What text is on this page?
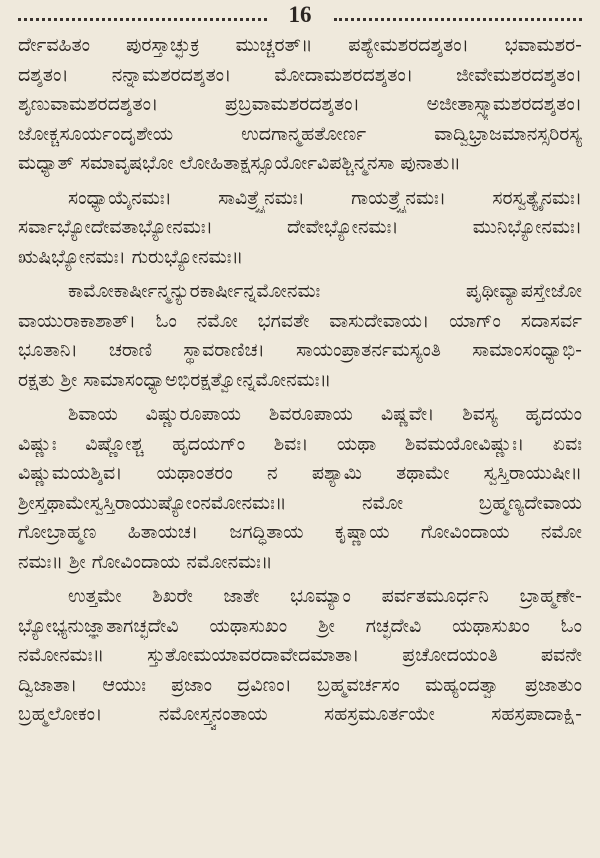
16
ರ್ದೇವಹಿತಂ ಪುರಸ್ತಾಚ್ಛುಕ್ರ ಮುಚ್ಚರತ್॥ ಪಶ್ಯೇಮಶರದಶ್ಶತಂ। ಭವಾಮಶರ-
ದಶ್ಶತಂ। ನನ್ನಾಮಶರದಶ್ಶತಂ। ಮೋದಾಮಶರದಶ್ಶತಂ। ಜೀವೇಮಶರದಶ್ಶತಂ।
ಶೃಣುವಾಮಶರದಶ್ಶತಂ। ಪ್ರಬ್ರವಾಮಶರದಶ್ಶತಂ। ಅಜೀತಾಸ್ಸ್ಯಾಮಶರದಶ್ಶತಂ।
ಜೋಕ್ಚಸೂರ್ಯಂದೃಶೇಯ ಉದಗಾನ್ಮಹತೋರ್ಣ ವಾದ್ವಿಭ್ರಾಜಮಾನಸ್ಸರಿರಸ್ಯ
ಮಧ್ಯಾತ್ ಸಮಾವೃಷಭೋ ಲೋಹಿತಾಕ್ಷಸ್ಸೂರ್ಯೋವಿಪಶ್ಚಿನ್ಮನಸಾ ಪುನಾತು॥
ಸಂಧ್ಯಾಯೈನಮಃ। ಸಾವಿತ್ರ್ಯೈನಮಃ। ಗಾಯತ್ರ್ಯೈನಮಃ। ಸರಸ್ವತ್ಯೈನಮಃ।
ಸರ್ವಾಭ್ಯೋದೇವತಾಭ್ಯೋನಮಃ। ದೇವೇಭ್ಯೋನಮಃ। ಮುನಿಭ್ಯೋನಮಃ।
ಋಷಿಭ್ಯೋನಮಃ। ಗುರುಭ್ಯೋನಮಃ॥
ಕಾಮೋಕಾರ್ಷೀನ್ಮನ್ಯುರಕಾರ್ಷೀನ್ನಮೋನಮಃ ಪೃಥೀವ್ಯಾಪಸ್ತೇಜೋ
ವಾಯುರಾಕಾಶಾತ್। ಓಂ ನಮೋ ಭಗವತೇ ವಾಸುದೇವಾಯ। ಯಾಗ್ಂ ಸದಾಸರ್ವ
ಭೂತಾನಿ। ಚರಾಣಿ ಸ್ಥಾವರಾಣಿಚ। ಸಾಯಂಪ್ರಾತರ್ನಮಸ್ಯಂತಿ ಸಾಮಾಂಸಂಧ್ಯಾಭಿ-
ರಕ್ಷತು ಶ್ರೀ ಸಾಮಾಸಂಧ್ಯಾಅಭಿರಕ್ಷತ್ವೋನ್ನಮೋನಮಃ॥
ಶಿವಾಯ ವಿಷ್ಣುರೂಪಾಯ ಶಿವರೂಪಾಯ ವಿಷ್ಣವೇ। ಶಿವಸ್ಯ ಹೃದಯಂ
ವಿಷ್ಣುಃ ವಿಷ್ಣೋಶ್ಚ ಹೃದಯಗ್ಂ ಶಿವಃ। ಯಥಾ ಶಿವಮಯೋವಿಷ್ಣುಃ। ಏವಃ
ವಿಷ್ಣುಮಯಶ್ಶಿವ। ಯಥಾಂತರಂ ನ ಪಶ್ಯಾಮಿ ತಥಾಮೇ ಸ್ವಸ್ತಿರಾಯುಷೀ॥
ಶ್ರೀಸ್ತಥಾಮೇಸ್ವಸ್ತಿರಾಯುಷ್ಯೋಂನಮೋನಮಃ॥ ನಮೋ ಬ್ರಹ್ಮಣ್ಯದೇವಾಯ
ಗೋಬ್ರಾಹ್ಮಣ ಹಿತಾಯಚ। ಜಗದ್ಧಿತಾಯ ಕೃಷ್ಣಾಯ ಗೋವಿಂದಾಯ ನಮೋ
ನಮಃ॥ ಶ್ರೀ ಗೋವಿಂದಾಯ ನಮೋನಮಃ॥
ಉತ್ತಮೇ ಶಿಖರೇ ಜಾತೇ ಭೂಮ್ಯಾಂ ಪರ್ವತಮೂರ್ಧನಿ ಬ್ರಾಹ್ಮಣೇ-
ಭ್ಯೋಭ್ಯನುಜ್ಞಾತಾಗಚ್ಛದೇವಿ ಯಥಾಸುಖಂ ಶ್ರೀ ಗಚ್ಛದೇವಿ ಯಥಾಸುಖಂ ಓಂ
ನಮೋನಮಃ॥ ಸ್ತುತೋಮಯಾವರದಾವೇದಮಾತಾ। ಪ್ರಚೋದಯಂತಿ ಪವನೇ
ದ್ವಿಜಾತಾ। ಆಯುಃ ಪ್ರಜಾಂ ದ್ರವಿಣಂ। ಬ್ರಹ್ಮವರ್ಚಸಂ ಮಹ್ಯಂದತ್ವಾ ಪ್ರಜಾತುಂ
ಬ್ರಹ್ಮಲೋಕಂ। ನಮೋಸ್ತ್ವನಂತಾಯ ಸಹಸ್ರಮೂರ್ತಯೇ ಸಹಸ್ರಪಾದಾಕ್ಷಿ-
